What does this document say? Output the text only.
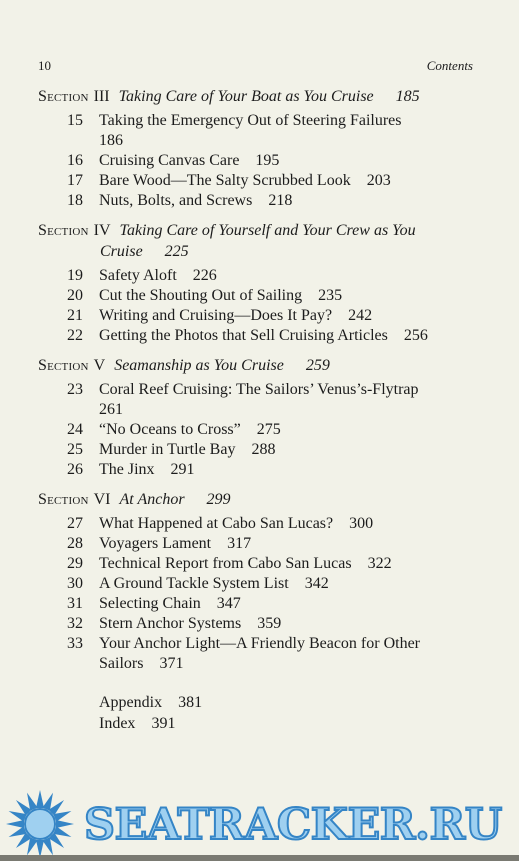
10	Contents
Section III Taking Care of Your Boat as You Cruise 185
15	Taking the Emergency Out of Steering Failures
186
16	Cruising Canvas Care 195
17	Bare Wood—The Salty Scrubbed Look 203
18	Nuts, Bolts, and Screws 218
Section IV Taking Care of Yourself and Your Crew as You
Cruise 225
19	Safety Aloft 226
20	Cut the Shouting Out of Sailing 235
21	Writing and Cruising—Does It Pay? 242
22	Getting the Photos that Sell Cruising Articles 256
Section V Seamanship as You Cruise 259
23	Coral Reef Cruising: The Sailors’ Venus’s-Flytrap
261
24	“No Oceans to Cross” 275
25	Murder in Turtle Bay 288
26	The Jinx 291
Section VI At Anchor 299
27	What Happened at Cabo San Lucas? 300
28	Voyagers Lament 317
29	Technical Report from Cabo San Lucas 322
30	A Ground Tackle System List 342
31	Selecting Chain 347
32	Stern Anchor Systems 359
33	Your Anchor Light—A Friendly Beacon for Other Sailors 371
Appendix 381
Index 391
SEATRACKER.RU
